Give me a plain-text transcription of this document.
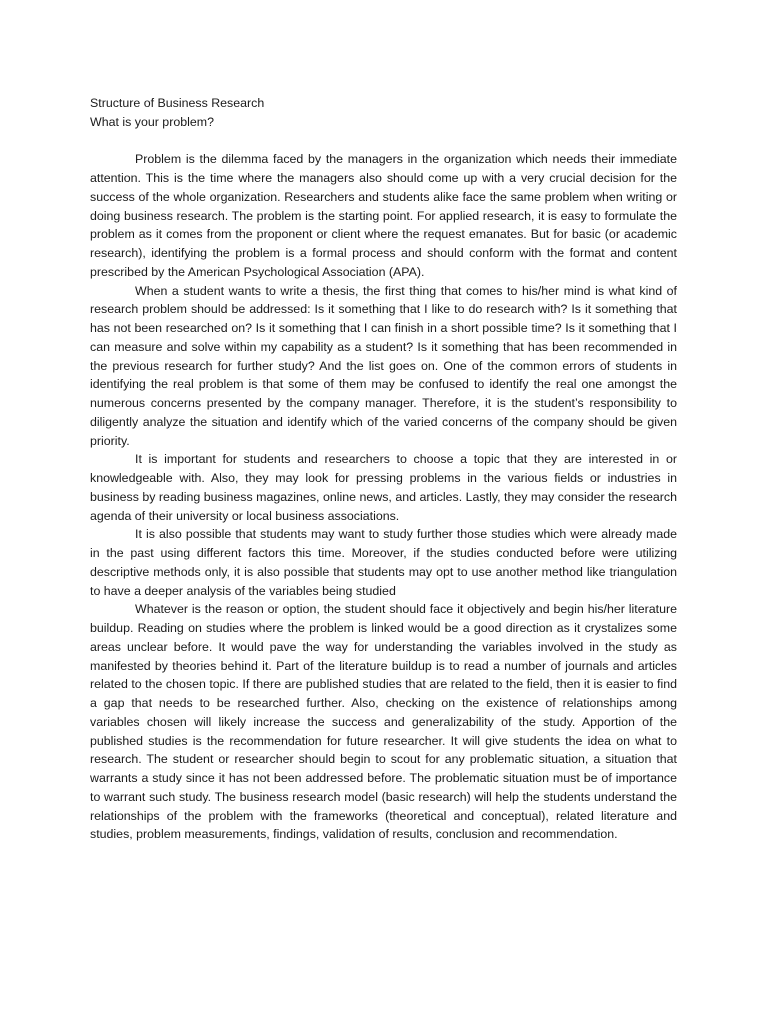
Structure of Business Research
What is your problem?

Problem is the dilemma faced by the managers in the organization which needs their immediate attention. This is the time where the managers also should come up with a very crucial decision for the success of the whole organization. Researchers and students alike face the same problem when writing or doing business research. The problem is the starting point. For applied research, it is easy to formulate the problem as it comes from the proponent or client where the request emanates. But for basic (or academic research), identifying the problem is a formal process and should conform with the format and content prescribed by the American Psychological Association (APA).

When a student wants to write a thesis, the first thing that comes to his/her mind is what kind of research problem should be addressed: Is it something that I like to do research with? Is it something that has not been researched on? Is it something that I can finish in a short possible time? Is it something that I can measure and solve within my capability as a student? Is it something that has been recommended in the previous research for further study? And the list goes on. One of the common errors of students in identifying the real problem is that some of them may be confused to identify the real one amongst the numerous concerns presented by the company manager. Therefore, it is the student’s responsibility to diligently analyze the situation and identify which of the varied concerns of the company should be given priority.

It is important for students and researchers to choose a topic that they are interested in or knowledgeable with. Also, they may look for pressing problems in the various fields or industries in business by reading business magazines, online news, and articles. Lastly, they may consider the research agenda of their university or local business associations.

It is also possible that students may want to study further those studies which were already made in the past using different factors this time. Moreover, if the studies conducted before were utilizing descriptive methods only, it is also possible that students may opt to use another method like triangulation to have a deeper analysis of the variables being studied

Whatever is the reason or option, the student should face it objectively and begin his/her literature buildup. Reading on studies where the problem is linked would be a good direction as it crystalizes some areas unclear before. It would pave the way for understanding the variables involved in the study as manifested by theories behind it. Part of the literature buildup is to read a number of journals and articles related to the chosen topic. If there are published studies that are related to the field, then it is easier to find a gap that needs to be researched further. Also, checking on the existence of relationships among variables chosen will likely increase the success and generalizability of the study. Apportion of the published studies is the recommendation for future researcher. It will give students the idea on what to research. The student or researcher should begin to scout for any problematic situation, a situation that warrants a study since it has not been addressed before. The problematic situation must be of importance to warrant such study. The business research model (basic research) will help the students understand the relationships of the problem with the frameworks (theoretical and conceptual), related literature and studies, problem measurements, findings, validation of results, conclusion and recommendation.
